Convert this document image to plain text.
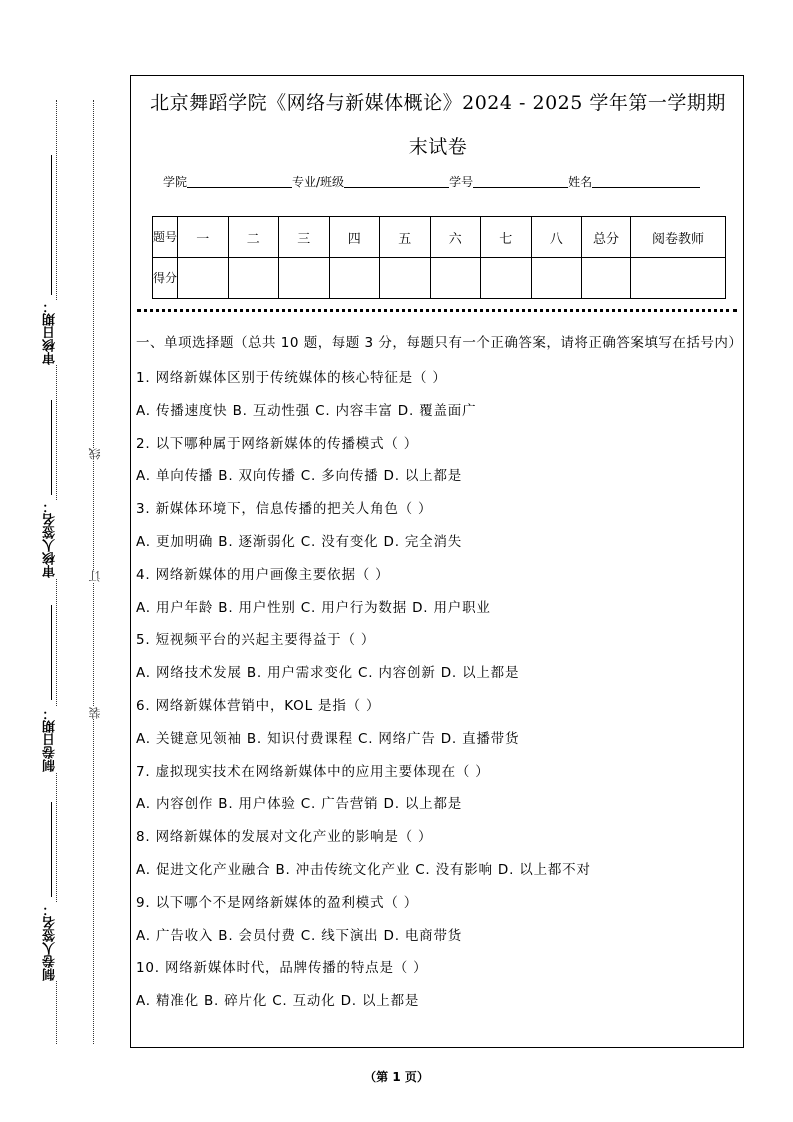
审核日期：
审核人签名：
制卷日期：
制卷人签名：
线
订
装
北京舞蹈学院《网络与新媒体概论》2024 - 2025 学年第一学期期
末试卷
学院	专业/班级	学号	姓名
题号	一	二	三	四	五	六	七	八	总分	阅卷教师
得分										
一、单项选择题（总共 10 题，每题 3 分，每题只有一个正确答案，请将正确答案填写在括号内）
1. 网络新媒体区别于传统媒体的核心特征是（ ）
A. 传播速度快 B. 互动性强 C. 内容丰富 D. 覆盖面广
2. 以下哪种属于网络新媒体的传播模式（ ）
A. 单向传播 B. 双向传播 C. 多向传播 D. 以上都是
3. 新媒体环境下，信息传播的把关人角色（ ）
A. 更加明确 B. 逐渐弱化 C. 没有变化 D. 完全消失
4. 网络新媒体的用户画像主要依据（ ）
A. 用户年龄 B. 用户性别 C. 用户行为数据 D. 用户职业
5. 短视频平台的兴起主要得益于（ ）
A. 网络技术发展 B. 用户需求变化 C. 内容创新 D. 以上都是
6. 网络新媒体营销中，KOL 是指（ ）
A. 关键意见领袖 B. 知识付费课程 C. 网络广告 D. 直播带货
7. 虚拟现实技术在网络新媒体中的应用主要体现在（ ）
A. 内容创作 B. 用户体验 C. 广告营销 D. 以上都是
8. 网络新媒体的发展对文化产业的影响是（ ）
A. 促进文化产业融合 B. 冲击传统文化产业 C. 没有影响 D. 以上都不对
9. 以下哪个不是网络新媒体的盈利模式（ ）
A. 广告收入 B. 会员付费 C. 线下演出 D. 电商带货
10. 网络新媒体时代，品牌传播的特点是（ ）
A. 精准化 B. 碎片化 C. 互动化 D. 以上都是
（第 1 页）
